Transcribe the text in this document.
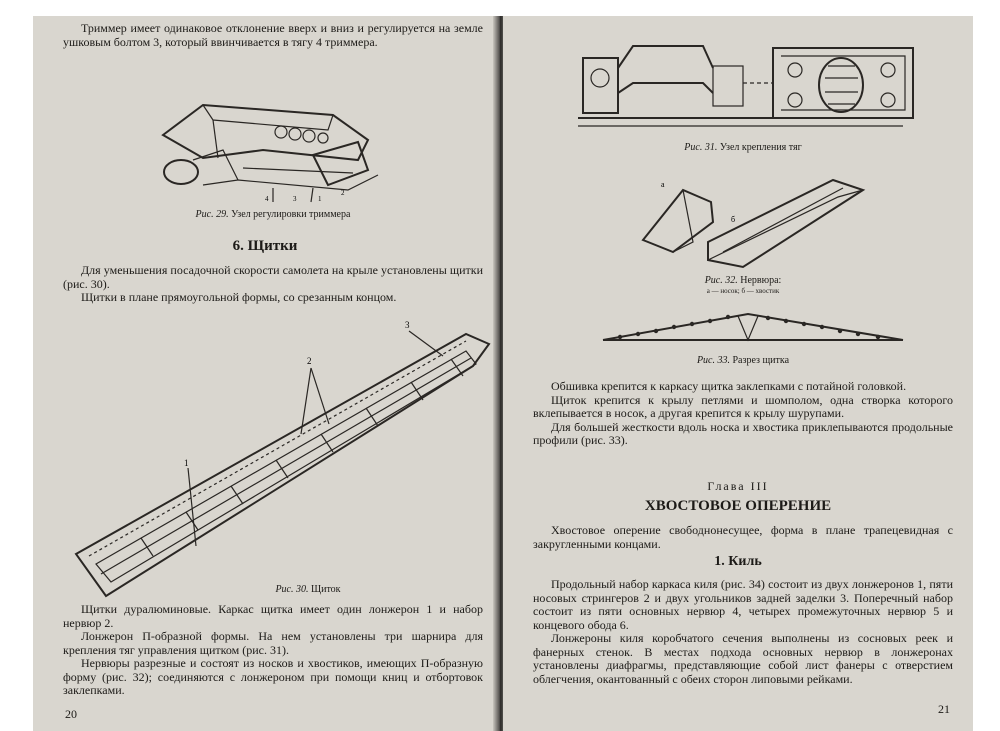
Триммер имеет одинаковое отклонение вверх и вниз и регулируется на земле ушковым болтом 3, который ввинчивается в тягу 4 триммера.

4	3	1
2
Рис. 29. Узел регулировки триммера
6. Щитки

Для уменьшения посадочной скорости самолета на крыле установлены щитки (рис. 30).

Щитки в плане прямоугольной формы, со срезанным концом.

2
3
1
Рис. 30. Щиток

Щитки дуралюминовые. Каркас щитка имеет один лонжерон 1 и набор нервюр 2.

Лонжерон П-образной формы. На нем установлены три шарнира для крепления тяг управления щитком (рис. 31).

Нервюры разрезные и состоят из носков и хвостиков, имеющих П-образную форму (рис. 32); соединяются с лонжероном при помощи книц и отбортовок заклепками.

20
Рис. 31. Узел крепления тяг
а
б
Рис. 32. Нервюра:
а — носок; б — хвостик
Рис. 33. Разрез щитка

Обшивка крепится к каркасу щитка заклепками с потайной головкой.

Щиток крепится к крылу петлями и шомполом, одна створка которого вклепывается в носок, а другая крепится к крылу шурупами.

Для большей жесткости вдоль носка и хвостика приклепываются продольные профили (рис. 33).

Глава III
ХВОСТОВОЕ ОПЕРЕНИЕ

Хвостовое оперение свободнонесущее, форма в плане трапецевидная с закругленными концами.

1. Киль

Продольный набор каркаса киля (рис. 34) состоит из двух лонжеронов 1, пяти носовых стрингеров 2 и двух угольников задней заделки 3. Поперечный набор состоит из пяти основных нервюр 4, четырех промежуточных нервюр 5 и концевого обода 6.

Лонжероны киля коробчатого сечения выполнены из сосновых реек и фанерных стенок. В местах подхода основных нервюр в лонжеронах установлены диафрагмы, представляющие собой лист фанеры с отверстием облегчения, окантованный с обеих сторон липовыми рейками.

21
